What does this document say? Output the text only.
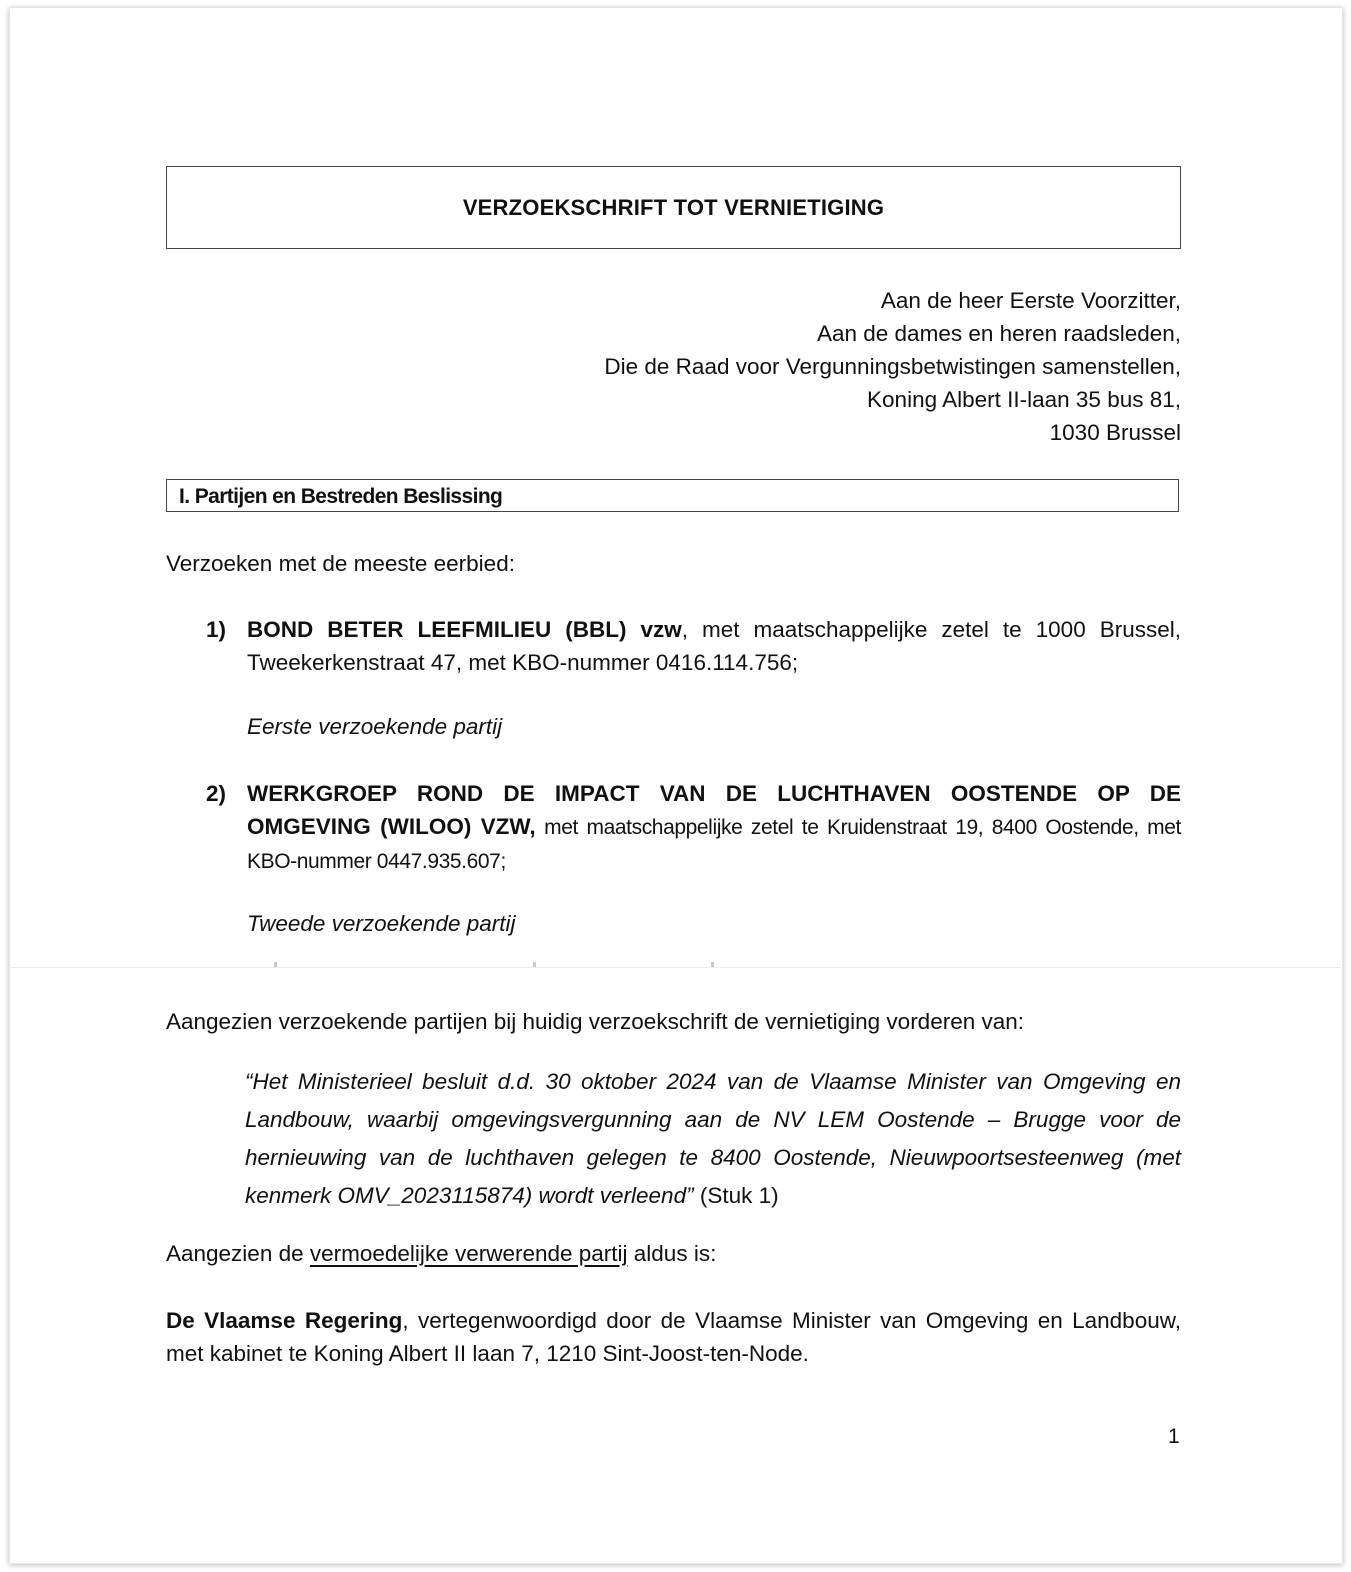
VERZOEKSCHRIFT TOT VERNIETIGING
Aan de heer Eerste Voorzitter,
Aan de dames en heren raadsleden,
Die de Raad voor Vergunningsbetwistingen samenstellen,
Koning Albert II-laan 35 bus 81,
1030 Brussel
I. Partijen en Bestreden Beslissing
Verzoeken met de meeste eerbied:
1) BOND BETER LEEFMILIEU (BBL) vzw, met maatschappelijke zetel te 1000 Brussel, Tweekerkenstraat 47, met KBO-nummer 0416.114.756;
Eerste verzoekende partij
2) WERKGROEP ROND DE IMPACT VAN DE LUCHTHAVEN OOSTENDE OP DE OMGEVING (WILOO) VZW, met maatschappelijke zetel te Kruidenstraat 19, 8400 Oostende, met KBO-nummer 0447.935.607;
Tweede verzoekende partij
Aangezien verzoekende partijen bij huidig verzoekschrift de vernietiging vorderen van:
“Het Ministerieel besluit d.d. 30 oktober 2024 van de Vlaamse Minister van Omgeving en Landbouw, waarbij omgevingsvergunning aan de NV LEM Oostende – Brugge voor de hernieuwing van de luchthaven gelegen te 8400 Oostende, Nieuwpoortsesteenweg (met kenmerk OMV_2023115874) wordt verleend” (Stuk 1)
Aangezien de vermoedelijke verwerende partij aldus is:
De Vlaamse Regering, vertegenwoordigd door de Vlaamse Minister van Omgeving en Landbouw, met kabinet te Koning Albert II laan 7, 1210 Sint-Joost-ten-Node.
1
